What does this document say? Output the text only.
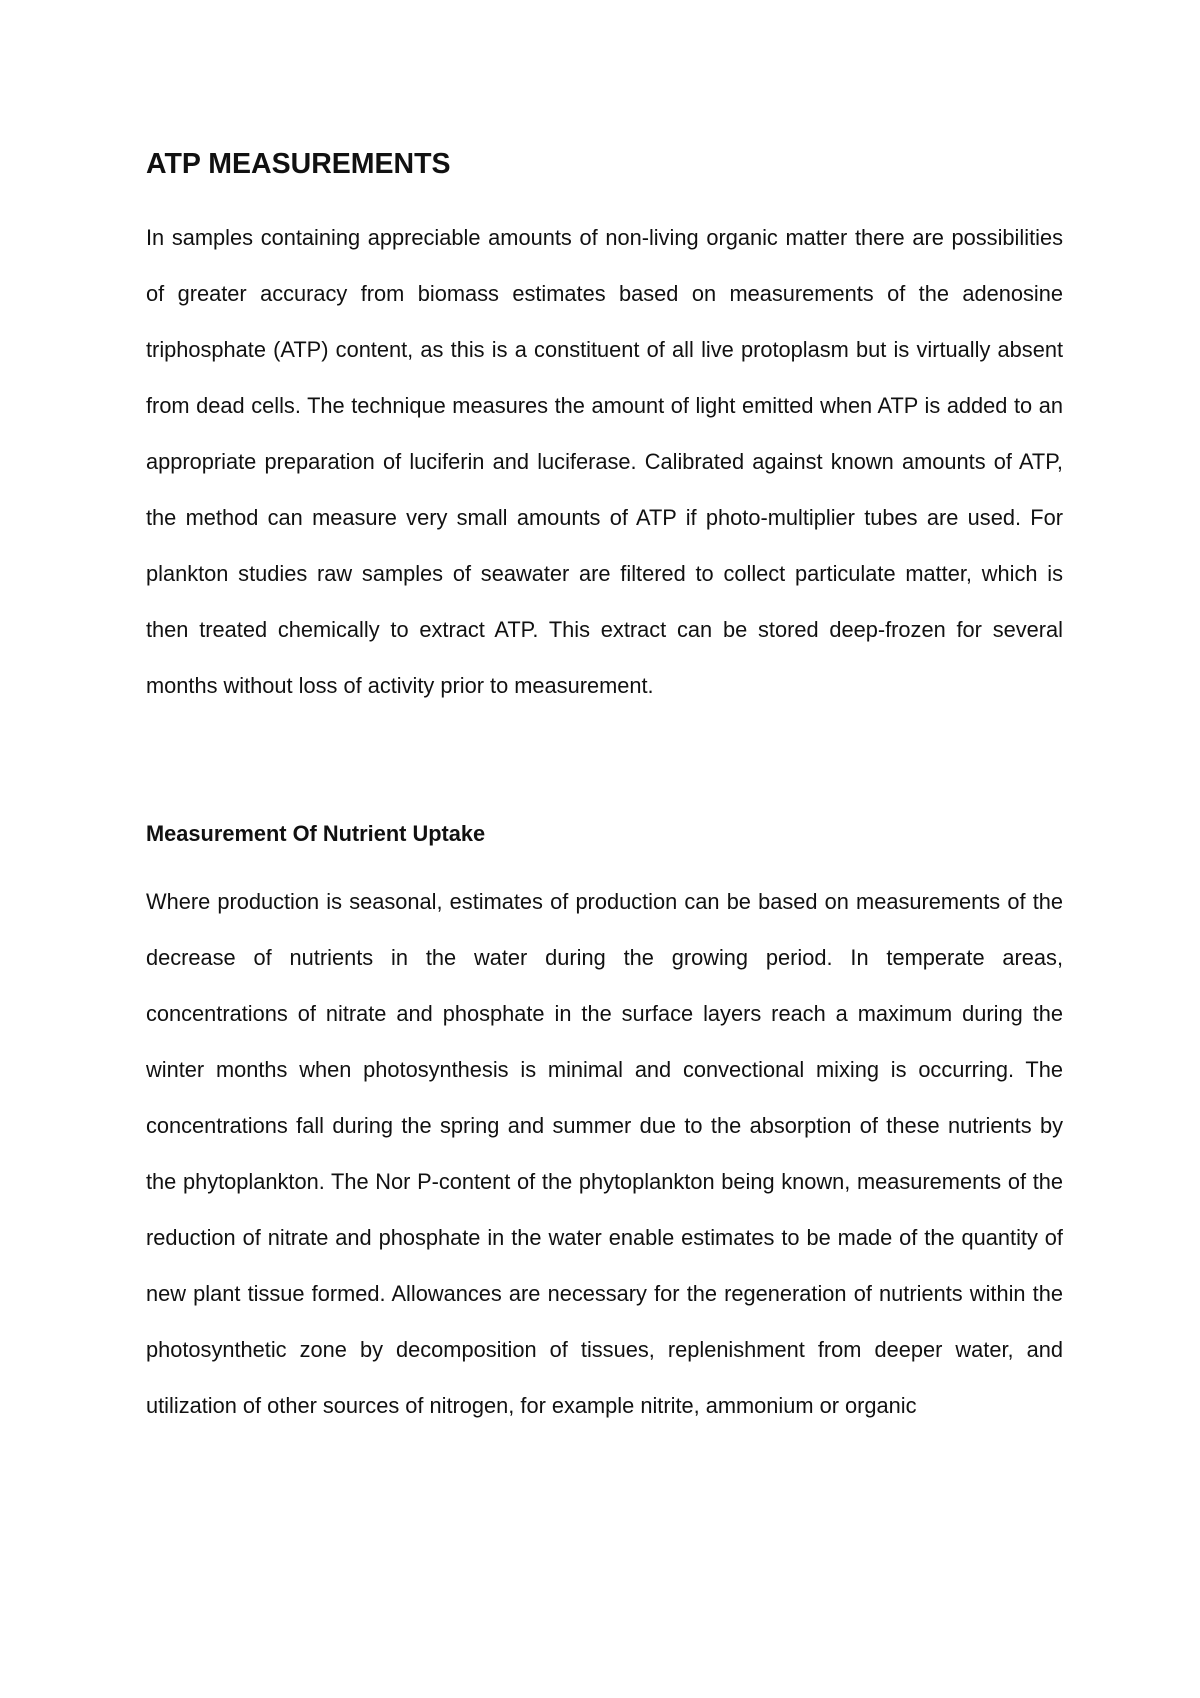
ATP MEASUREMENTS

In samples containing appreciable amounts of non-living organic matter there are possibilities of greater accuracy from biomass estimates based on measurements of the adenosine triphosphate (ATP) content, as this is a constituent of all live protoplasm but is virtually absent from dead cells. The technique measures the amount of light emitted when ATP is added to an appropriate preparation of luciferin and luciferase. Calibrated against known amounts of ATP, the method can measure very small amounts of ATP if photo-multiplier tubes are used. For plankton studies raw samples of seawater are filtered to collect particulate matter, which is then treated chemically to extract ATP. This extract can be stored deep-frozen for several months without loss of activity prior to measurement.

Measurement Of Nutrient Uptake

Where production is seasonal, estimates of production can be based on measurements of the decrease of nutrients in the water during the growing period. In temperate areas, concentrations of nitrate and phosphate in the surface layers reach a maximum during the winter months when photosynthesis is minimal and convectional mixing is occurring. The concentrations fall during the spring and summer due to the absorption of these nutrients by the phytoplankton. The Nor P-content of the phytoplankton being known, measurements of the reduction of nitrate and phosphate in the water enable estimates to be made of the quantity of new plant tissue formed. Allowances are necessary for the regeneration of nutrients within the photosynthetic zone by decomposition of tissues, replenishment from deeper water, and utilization of other sources of nitrogen, for example nitrite, ammonium or organic
